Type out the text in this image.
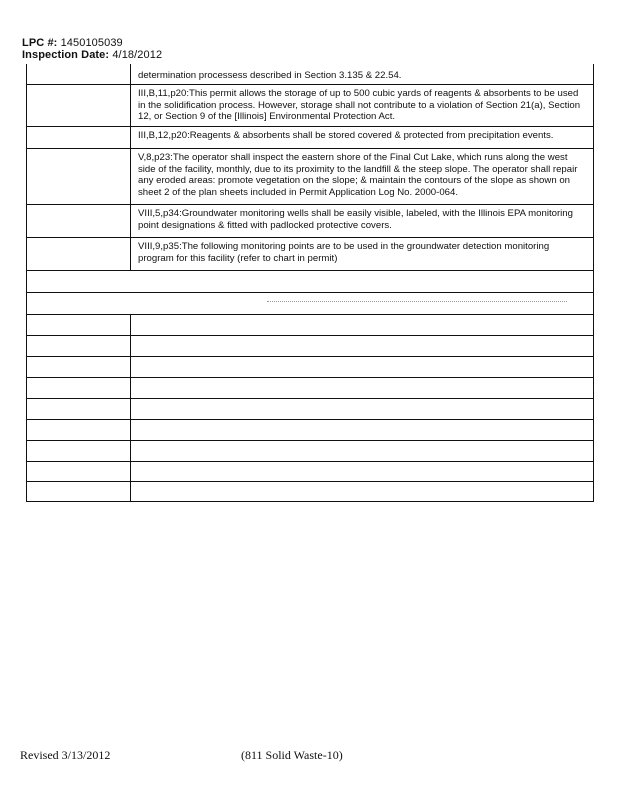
LPC #: 1450105039
Inspection Date: 4/18/2012
determination processess described in Section 3.135 & 22.54.
III,B,11,p20:This permit allows the storage of up to 500 cubic yards of reagents & absorbents to be used in the solidification process. However, storage shall not contribute to a violation of Section 21(a), Section 12, or Section 9 of the [Illinois] Environmental Protection Act.
III,B,12,p20:Reagents & absorbents shall be stored covered & protected from precipitation events.
V,8,p23:The operator shall inspect the eastern shore of the Final Cut Lake, which runs along the west side of the facility, monthly, due to its proximity to the landfill & the steep slope. The operator shall repair any eroded areas: promote vegetation on the slope; & maintain the contours of the slope as shown on sheet 2 of the plan sheets included in Permit Application Log No. 2000-064.
VIII,5,p34:Groundwater monitoring wells shall be easily visible, labeled, with the Illinois EPA monitoring point designations & fitted with padlocked protective covers.
VIII,9,p35:The following monitoring points are to be used in the groundwater detection monitoring program for this facility (refer to chart in permit)
Revised 3/13/2012	(811 Solid Waste-10)
